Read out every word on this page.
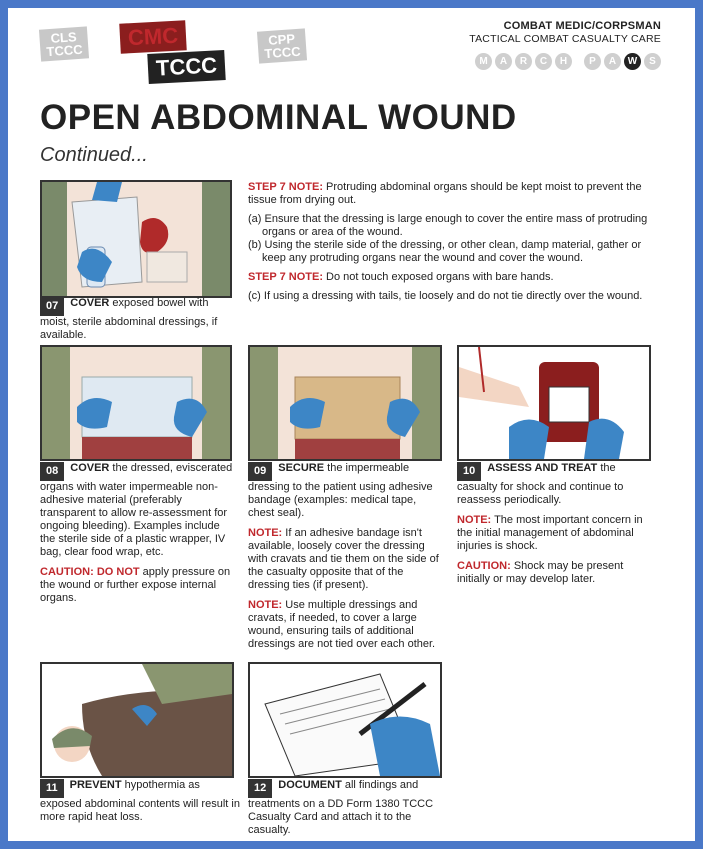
CLS
TCCC
CMC
TCCC
CPP
TCCC
COMBAT MEDIC/CORPSMAN
TACTICAL COMBAT CASUALTY CARE
M	A	R	C	H	P	A	W	S
OPEN ABDOMINAL WOUND
Continued...
07 COVER exposed bowel with moist, sterile abdominal dressings, if available.

STEP 7 NOTE: Protruding abdominal organs should be kept moist to prevent the tissue from drying out.

(a) Ensure that the dressing is large enough to cover the entire mass of protruding organs or area of the wound.

(b) Using the sterile side of the dressing, or other clean, damp material, gather or keep any protruding organs near the wound and cover the wound.

STEP 7 NOTE: Do not touch exposed organs with bare hands.

(c) If using a dressing with tails, tie loosely and do not tie directly over the wound.

08 COVER the dressed, eviscerated organs with water impermeable non-adhesive material (preferably transparent to allow re-assessment for ongoing bleeding). Examples include the sterile side of a plastic wrapper, IV bag, clear food wrap, etc.

CAUTION: DO NOT apply pressure on the wound or further expose internal organs.

09 SECURE the impermeable dressing to the patient using adhesive bandage (examples: medical tape, chest seal).

NOTE: If an adhesive bandage isn't available, loosely cover the dressing with cravats and tie them on the side of the casualty opposite that of the dressing ties (if present).

NOTE: Use multiple dressings and cravats, if needed, to cover a large wound, ensuring tails of additional dressings are not tied over each other.

10 ASSESS AND TREAT the casualty for shock and continue to reassess periodically.

NOTE: The most important concern in the initial management of abdominal injuries is shock.

CAUTION: Shock may be present initially or may develop later.

11 PREVENT hypothermia as exposed abdominal contents will result in more rapid heat loss.
12 DOCUMENT all findings and treatments on a DD Form 1380 TCCC Casualty Card and attach it to the casualty.
